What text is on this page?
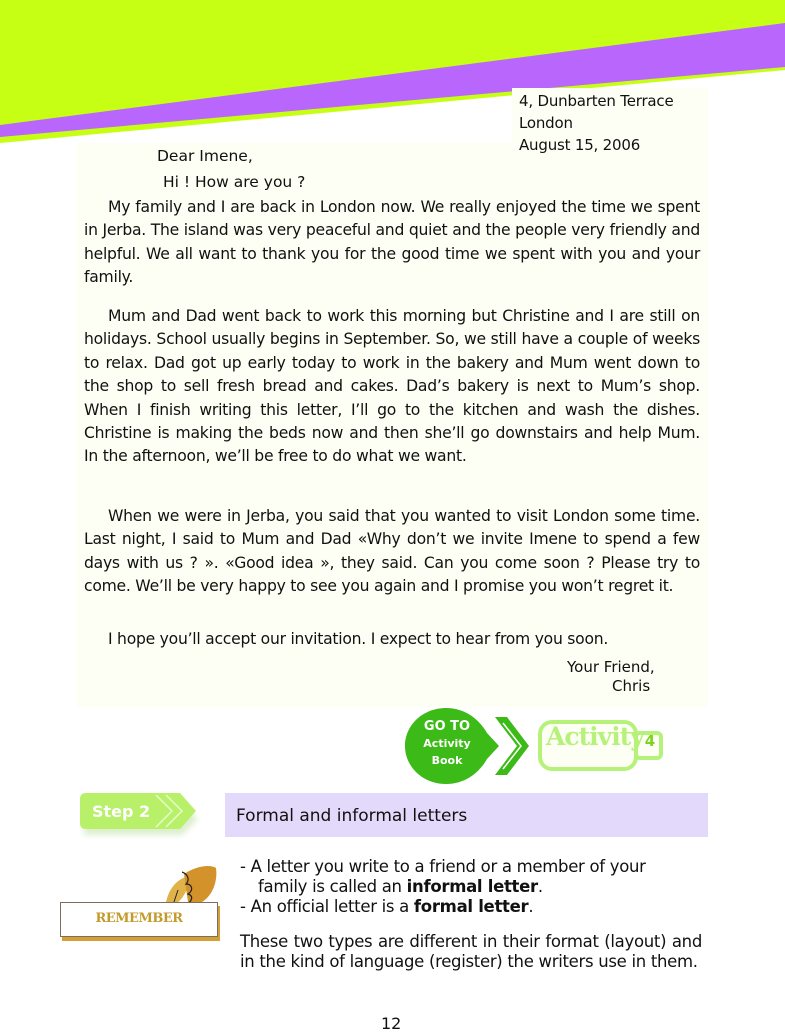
4, Dunbarten Terrace
London
August 15, 2006
Dear Imene,
Hi ! How are you ?

My family and I are back in London now. We really enjoyed the time we spent in Jerba. The island was very peaceful and quiet and the people very friendly and helpful. We all want to thank you for the good time we spent with you and your family.

Mum and Dad went back to work this morning but Christine and I are still on holidays. School usually begins in September. So, we still have a couple of weeks to relax. Dad got up early today to work in the bakery and Mum went down to the shop to sell fresh bread and cakes. Dad’s bakery is next to Mum’s shop. When I finish writing this letter, I’ll go to the kitchen and wash the dishes. Christine is making the beds now and then she’ll go downstairs and help Mum. In the afternoon, we’ll be free to do what we want.

When we were in Jerba, you said that you wanted to visit London some time. Last night, I said to Mum and Dad «Why don’t we invite Imene to spend a few days with us ? ». «Good idea », they said. Can you come soon ? Please try to come. We’ll be very happy to see you again and I promise you won’t regret it.

I hope you’ll accept our invitation. I expect to hear from you soon.

Your Friend,
Chris
GO TO
Activity
Book
Activity 4
Step 2	Formal and informal letters
REMEMBER
- A letter you write to a friend or a member of your
family is called an informal letter.
- An official letter is a formal letter.
These two types are different in their format (layout) and in the kind of language (register) the writers use in them.
12
